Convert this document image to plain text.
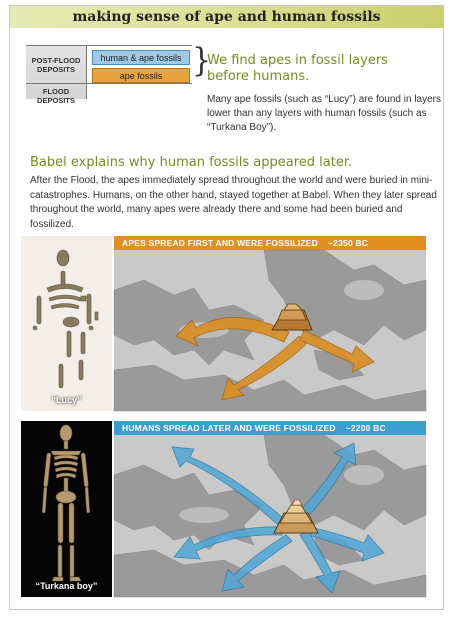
making sense of ape and human fossils
POST-FLOOD
DEPOSITS
FLOOD
DEPOSITS
human & ape fossils
ape fossils }
We find apes in fossil layers
before humans.
Many ape fossils (such as “Lucy”) are found in layers lower than any layers with human fossils (such as “Turkana Boy”).
Babel explains why human fossils appeared later.
After the Flood, the apes immediately spread throughout the world and were buried in mini-catastrophes. Humans, on the other hand, stayed together at Babel. When they later spread throughout the world, many apes were already there and some had been buried and fossilized.
“Lucy”
“Turkana boy”
APES SPREAD FIRST AND WERE FOSSILIZED ~2350 BC
HUMANS SPREAD LATER AND WERE FOSSILIZED ~2200 BC
